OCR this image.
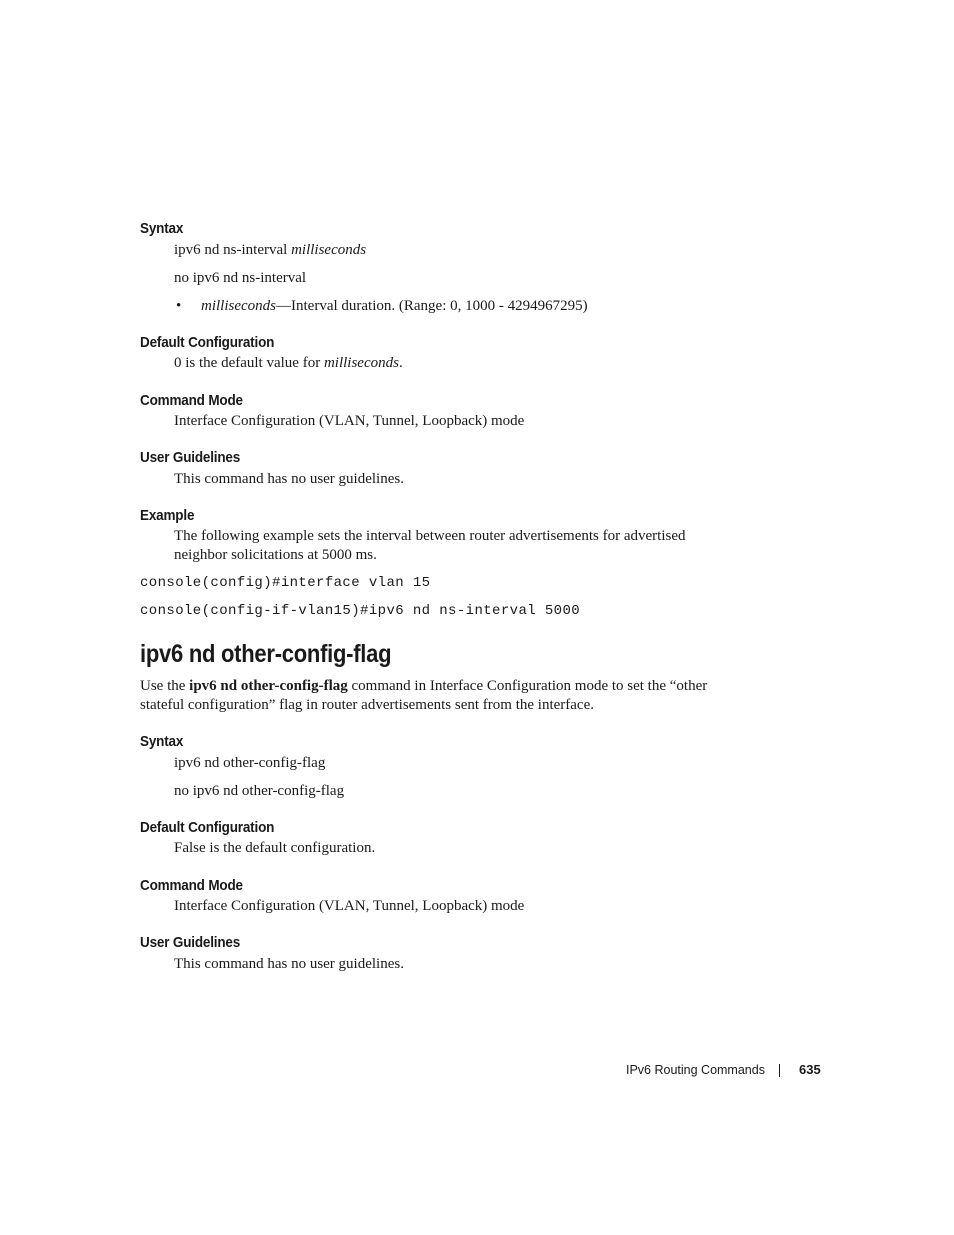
Syntax
ipv6 nd ns-interval milliseconds
no ipv6 nd ns-interval
• milliseconds—Interval duration. (Range: 0, 1000 - 4294967295)
Default Configuration
0 is the default value for milliseconds.
Command Mode
Interface Configuration (VLAN, Tunnel, Loopback) mode
User Guidelines
This command has no user guidelines.
Example
The following example sets the interval between router advertisements for advertised
neighbor solicitations at 5000 ms.
console(config)#interface vlan 15
console(config-if-vlan15)#ipv6 nd ns-interval 5000
ipv6 nd other-config-flag
Use the ipv6 nd other-config-flag command in Interface Configuration mode to set the “other
stateful configuration” flag in router advertisements sent from the interface.
Syntax
ipv6 nd other-config-flag
no ipv6 nd other-config-flag
Default Configuration
False is the default configuration.
Command Mode
Interface Configuration (VLAN, Tunnel, Loopback) mode
User Guidelines
This command has no user guidelines.
IPv6 Routing Commands	635
